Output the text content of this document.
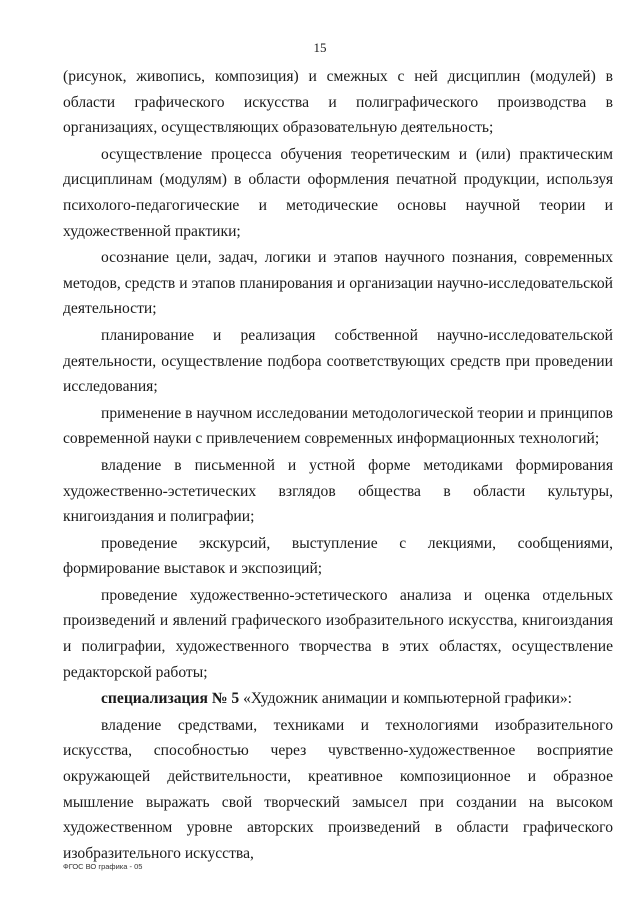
15

(рисунок, живопись, композиция) и смежных с ней дисциплин (модулей) в области графического искусства и полиграфического производства в организациях, осуществляющих образовательную деятельность;

осуществление процесса обучения теоретическим и (или) практическим дисциплинам (модулям) в области оформления печатной продукции, используя психолого-педагогические и методические основы научной теории и художественной практики;

осознание цели, задач, логики и этапов научного познания, современных методов, средств и этапов планирования и организации научно-исследовательской деятельности;

планирование и реализация собственной научно-исследовательской деятельности, осуществление подбора соответствующих средств при проведении исследования;

применение в научном исследовании методологической теории и принципов современной науки с привлечением современных информационных технологий;

владение в письменной и устной форме методиками формирования художественно-эстетических взглядов общества в области культуры, книгоиздания и полиграфии;

проведение экскурсий, выступление с лекциями, сообщениями, формирование выставок и экспозиций;

проведение художественно-эстетического анализа и оценка отдельных произведений и явлений графического изобразительного искусства, книгоиздания и полиграфии, художественного творчества в этих областях, осуществление редакторской работы;

специализация № 5 «Художник анимации и компьютерной графики»:

владение средствами, техниками и технологиями изобразительного искусства, способностью через чувственно-художественное восприятие окружающей действительности, креативное композиционное и образное мышление выражать свой творческий замысел при создании на высоком художественном уровне авторских произведений в области графического изобразительного искусства,

ФГОС ВО графика - 05
